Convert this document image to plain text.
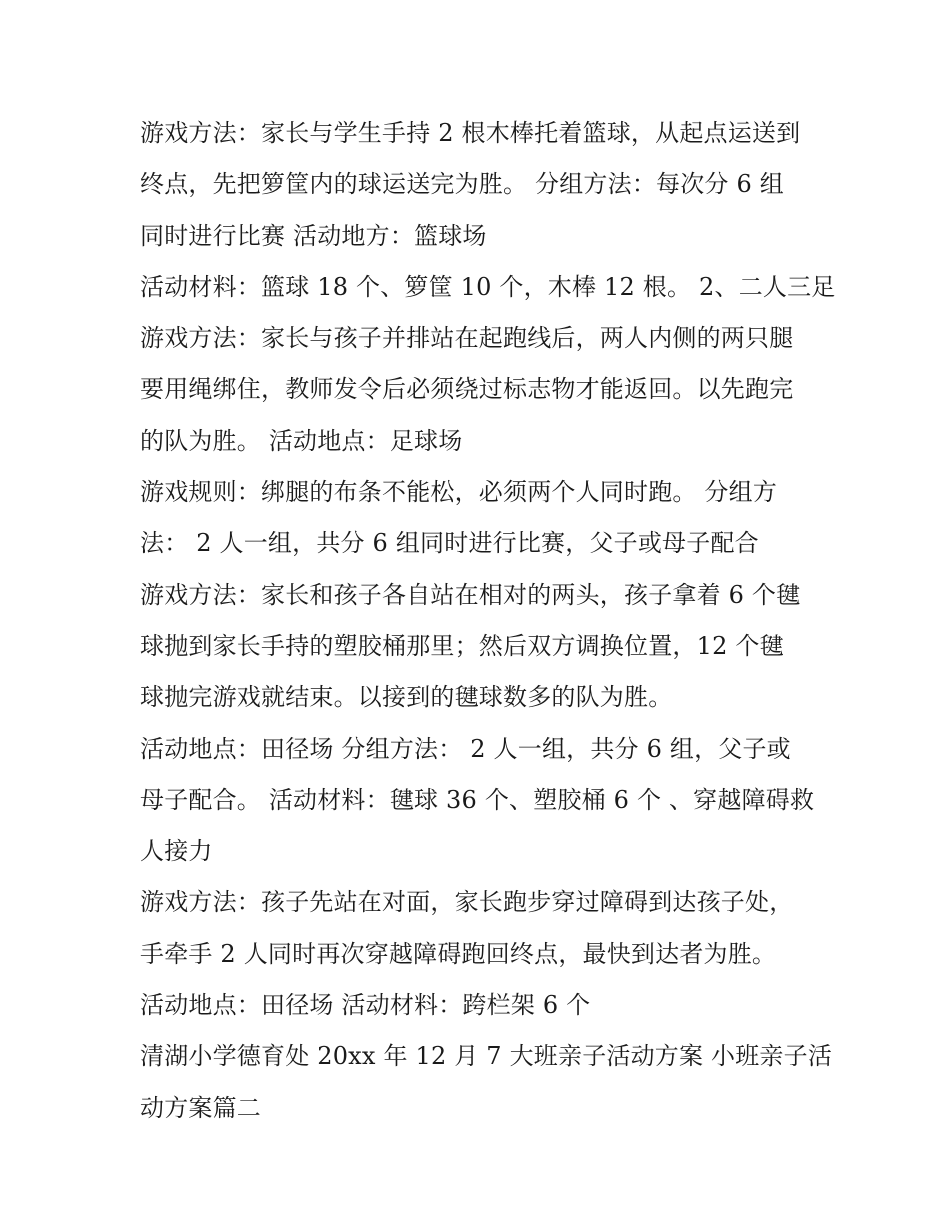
游戏方法：家长与学生手持 2 根木棒托着篮球，从起点运送到
终点，先把箩筐内的球运送完为胜。 分组方法：每次分 6 组
同时进行比赛 活动地方：篮球场
活动材料：篮球 18 个、箩筐 10 个，木棒 12 根。 2、二人三足
游戏方法：家长与孩子并排站在起跑线后，两人内侧的两只腿
要用绳绑住，教师发令后必须绕过标志物才能返回。以先跑完
的队为胜。 活动地点：足球场
游戏规则：绑腿的布条不能松，必须两个人同时跑。 分组方
法： 2 人一组，共分 6 组同时进行比赛，父子或母子配合
游戏方法：家长和孩子各自站在相对的两头，孩子拿着 6 个毽
球抛到家长手持的塑胶桶那里；然后双方调换位置，12 个毽
球抛完游戏就结束。以接到的毽球数多的队为胜。
活动地点：田径场 分组方法： 2 人一组，共分 6 组，父子或
母子配合。 活动材料：毽球 36 个、塑胶桶 6 个 、穿越障碍救
人接力
游戏方法：孩子先站在对面，家长跑步穿过障碍到达孩子处，
手牵手 2 人同时再次穿越障碍跑回终点，最快到达者为胜。
活动地点：田径场 活动材料：跨栏架 6 个
清湖小学德育处 20xx 年 12 月 7 大班亲子活动方案 小班亲子活
动方案篇二
